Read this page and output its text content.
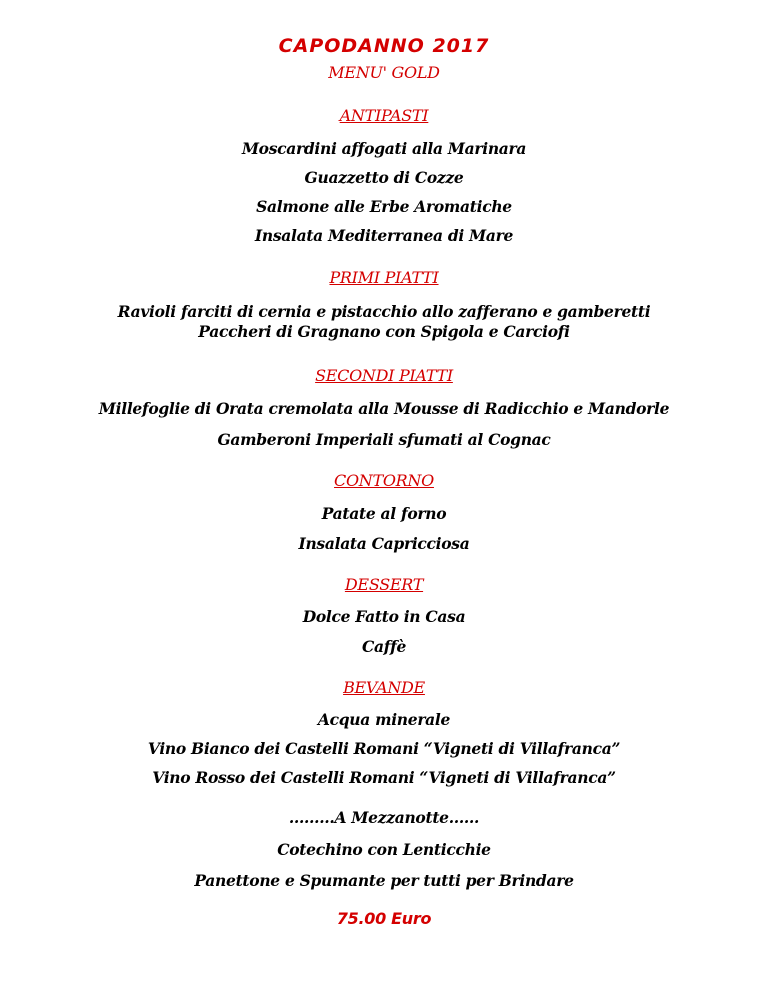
CAPODANNO 2017
MENU' GOLD
ANTIPASTI
Moscardini affogati alla Marinara
Guazzetto di Cozze
Salmone alle Erbe Aromatiche
Insalata Mediterranea di Mare
PRIMI PIATTI
Ravioli farciti di cernia e pistacchio allo zafferano e gamberetti
Paccheri di Gragnano con Spigola e Carciofi
SECONDI PIATTI
Millefoglie di Orata cremolata alla Mousse di Radicchio e Mandorle
Gamberoni Imperiali sfumati al Cognac
CONTORNO
Patate al forno
Insalata Capricciosa
DESSERT
Dolce Fatto in Casa
Caffè
BEVANDE
Acqua minerale
Vino Bianco dei Castelli Romani “Vigneti di Villafranca”
Vino Rosso dei Castelli Romani “Vigneti di Villafranca”
………A Mezzanotte……
Cotechino con Lenticchie
Panettone e Spumante per tutti per Brindare
75.00 Euro
